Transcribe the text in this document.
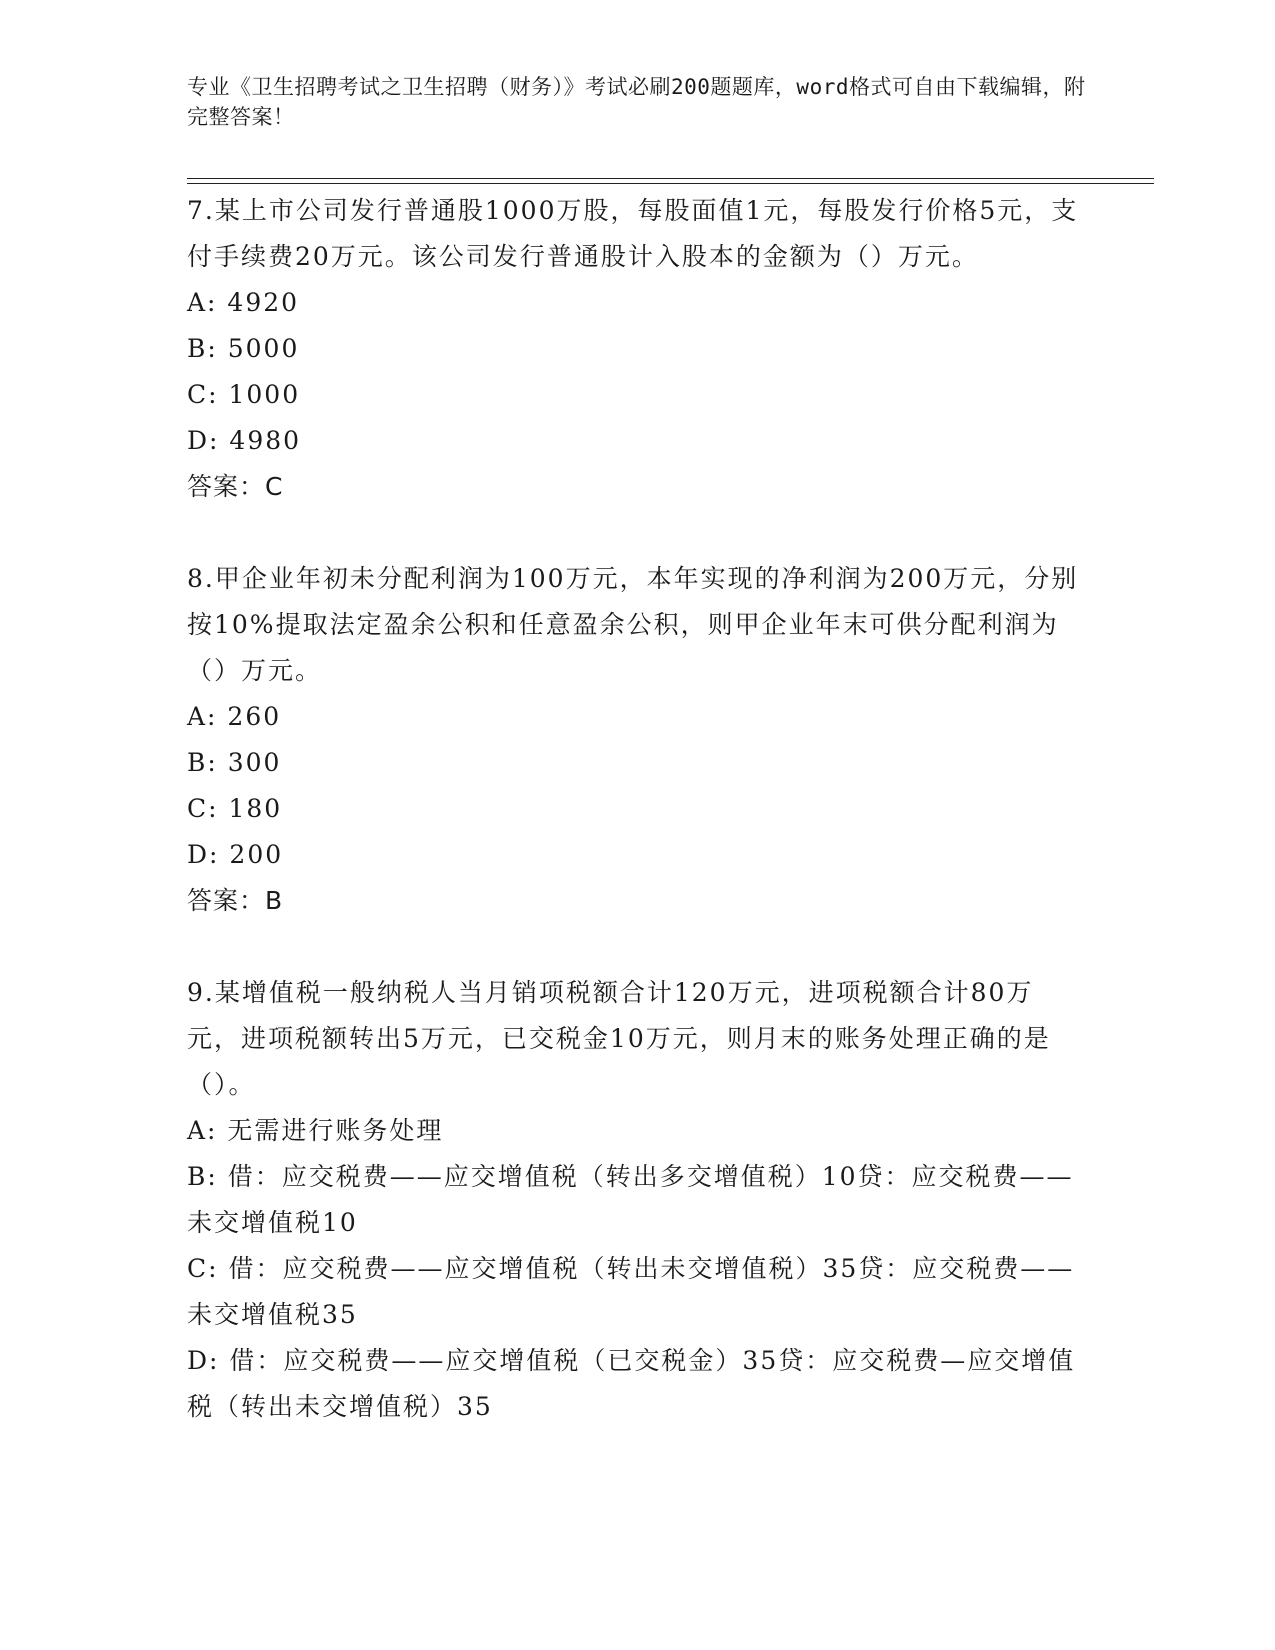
专业《卫生招聘考试之卫生招聘（财务）》考试必刷200题题库，word格式可自由下载编辑，附完整答案！

7.某上市公司发行普通股1000万股，每股面值1元，每股发行价格5元，支付手续费20万元。该公司发行普通股计入股本的金额为（）万元。

A: 4920

B: 5000

C: 1000

D: 4980

答案：C

8.甲企业年初未分配利润为100万元，本年实现的净利润为200万元，分别按10%提取法定盈余公积和任意盈余公积，则甲企业年末可供分配利润为（）万元。

A: 260

B: 300

C: 180

D: 200

答案：B

9.某增值税一般纳税人当月销项税额合计120万元，进项税额合计80万元，进项税额转出5万元，已交税金10万元，则月末的账务处理正确的是（）。

A: 无需进行账务处理

B: 借：应交税费——应交增值税（转出多交增值税）10贷：应交税费——未交增值税10

C: 借：应交税费——应交增值税（转出未交增值税）35贷：应交税费——未交增值税35

D: 借：应交税费——应交增值税（已交税金）35贷：应交税费—应交增值税（转出未交增值税）35
